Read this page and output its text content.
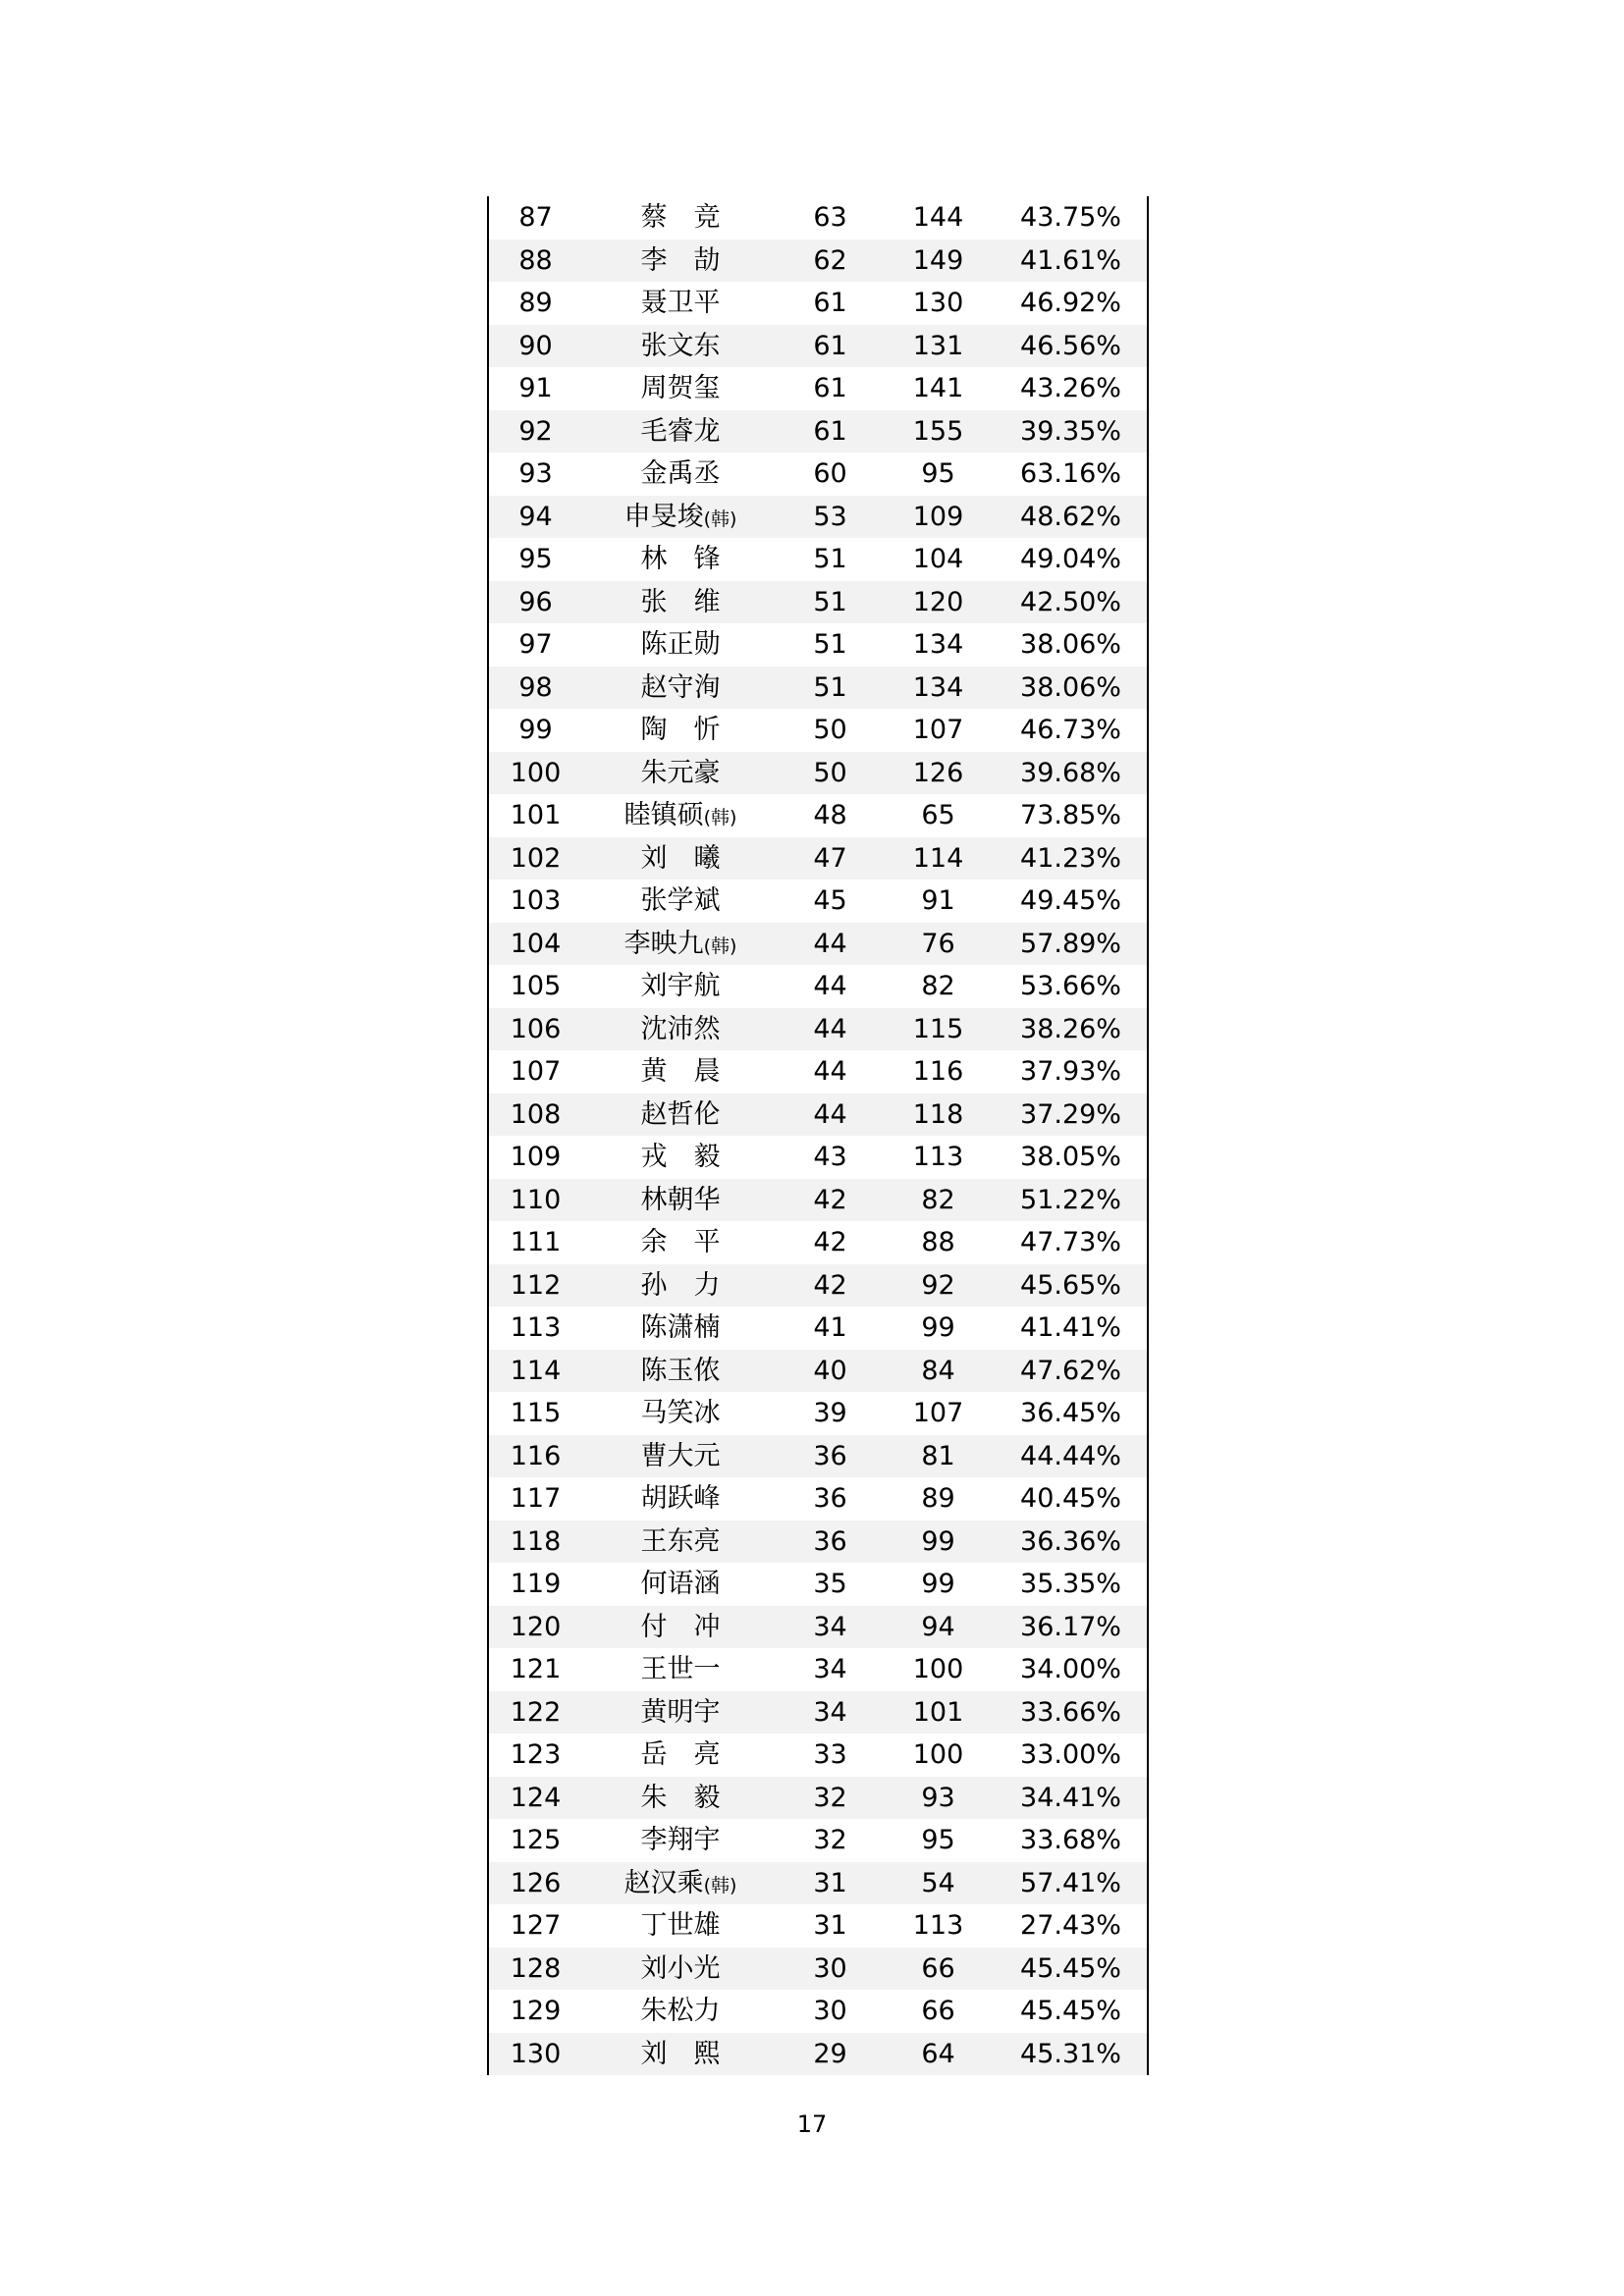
87	蔡　竞	63	144	43.75%
88	李　劼	62	149	41.61%
89	聂卫平	61	130	46.92%
90	张文东	61	131	46.56%
91	周贺玺	61	141	43.26%
92	毛睿龙	61	155	39.35%
93	金禹丞	60	95	63.16%
94	申旻埈(韩)	53	109	48.62%
95	林　锋	51	104	49.04%
96	张　维	51	120	42.50%
97	陈正勋	51	134	38.06%
98	赵守洵	51	134	38.06%
99	陶　忻	50	107	46.73%
100	朱元豪	50	126	39.68%
101	睦镇硕(韩)	48	65	73.85%
102	刘　曦	47	114	41.23%
103	张学斌	45	91	49.45%
104	李映九(韩)	44	76	57.89%
105	刘宇航	44	82	53.66%
106	沈沛然	44	115	38.26%
107	黄　晨	44	116	37.93%
108	赵哲伦	44	118	37.29%
109	戎　毅	43	113	38.05%
110	林朝华	42	82	51.22%
111	余　平	42	88	47.73%
112	孙　力	42	92	45.65%
113	陈潇楠	41	99	41.41%
114	陈玉侬	40	84	47.62%
115	马笑冰	39	107	36.45%
116	曹大元	36	81	44.44%
117	胡跃峰	36	89	40.45%
118	王东亮	36	99	36.36%
119	何语涵	35	99	35.35%
120	付　冲	34	94	36.17%
121	王世一	34	100	34.00%
122	黄明宇	34	101	33.66%
123	岳　亮	33	100	33.00%
124	朱　毅	32	93	34.41%
125	李翔宇	32	95	33.68%
126	赵汉乘(韩)	31	54	57.41%
127	丁世雄	31	113	27.43%
128	刘小光	30	66	45.45%
129	朱松力	30	66	45.45%
130	刘　熙	29	64	45.31%
17
